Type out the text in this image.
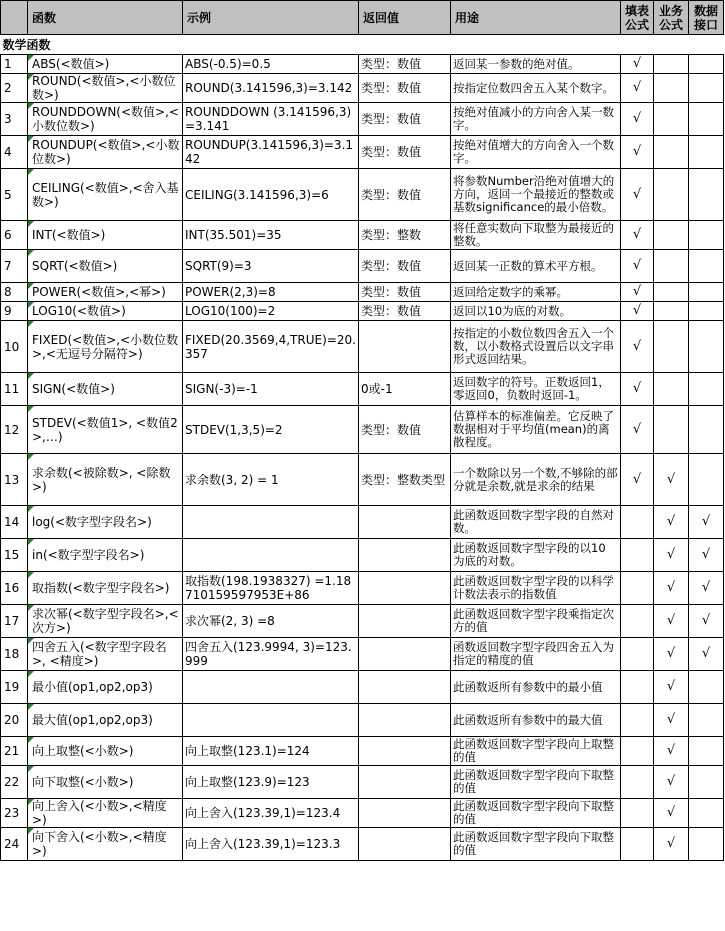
	函数	示例	返回值	用途	填表公式	业务公式	数据接口
数学函数							
1	ABS(<数值>)	ABS(-0.5)=0.5	类型：数值	返回某一参数的绝对值。	√		
2	ROUND(<数值>,<小数位数>)	ROUND(3.141596,3)=3.142	类型：数值	按指定位数四舍五入某个数字。	√		
3	ROUNDDOWN(<数值>,<小数位数>)	ROUNDDOWN (3.141596,3)=3.141	类型：数值	按绝对值减小的方向舍入某一数字。	√		
4	ROUNDUP(<数值>,<小数位数>)	ROUNDUP(3.141596,3)=3.142	类型：数值	按绝对值增大的方向舍入一个数字。	√		
5	CEILING(<数值>,<舍入基数>)	CEILING(3.141596,3)=6	类型：数值	将参数Number沿绝对值增大的方向，返回一个最接近的整数或基数significance的最小倍数。	√		
6	INT(<数值>)	INT(35.501)=35	类型：整数	将任意实数向下取整为最接近的整数。	√		
7	SQRT(<数值>)	SQRT(9)=3	类型：数值	返回某一正数的算术平方根。	√		
8	POWER(<数值>,<幂>)	POWER(2,3)=8	类型：数值	返回给定数字的乘幂。	√		
9	LOG10(<数值>)	LOG10(100)=2	类型：数值	返回以10为底的对数。	√		
10	FIXED(<数值>,<小数位数>,<无逗号分隔符>)	FIXED(20.3569,4,TRUE)=20.357		按指定的小数位数四舍五入一个数，以小数格式设置后以文字串形式返回结果。	√		
11	SIGN(<数值>)	SIGN(-3)=-1	0或-1	返回数字的符号。正数返回1，零返回0，负数时返回-1。	√		
12	STDEV(<数值1>, <数值2>,…)	STDEV(1,3,5)=2	类型：数值	估算样本的标准偏差。它反映了数据相对于平均值(mean)的离散程度。	√		
13	求余数(<被除数>, <除数>)	求余数(3, 2) = 1	类型：整数类型	一个数除以另一个数,不够除的部分就是余数,就是求余的结果	√	√	
14	log(<数字型字段名>)			此函数返回数字型字段的自然对数。		√	√
15	in(<数字型字段名>)			此函数返回数字型字段的以10 为底的对数。		√	√
16	取指数(<数字型字段名>)	取指数(198.1938327) =1.18710159597953E+86		此函数返回数字型字段的以科学计数法表示的指数值		√	√
17	求次幂(<数字型字段名>,<次方>)	求次幂(2, 3) =8		此函数返回数字型字段乘指定次方的值		√	√
18	四舍五入(<数字型字段名>, <精度>)	四舍五入(123.9994, 3)=123.999		函数返回数字型字段四舍五入为指定的精度的值		√	√
19	最小值(op1,op2,op3)			此函数返所有参数中的最小值		√	
20	最大值(op1,op2,op3)			此函数返所有参数中的最大值		√	
21	向上取整(<小数>)	向上取整(123.1)=124		此函数返回数字型字段向上取整的值		√	
22	向下取整(<小数>)	向上取整(123.9)=123		此函数返回数字型字段向下取整的值		√	
23	向上舍入(<小数>,<精度>)	向上舍入(123.39,1)=123.4		此函数返回数字型字段向下取整的值		√	
24	向下舍入(<小数>,<精度>)	向上舍入(123.39,1)=123.3		此函数返回数字型字段向下取整的值		√	
